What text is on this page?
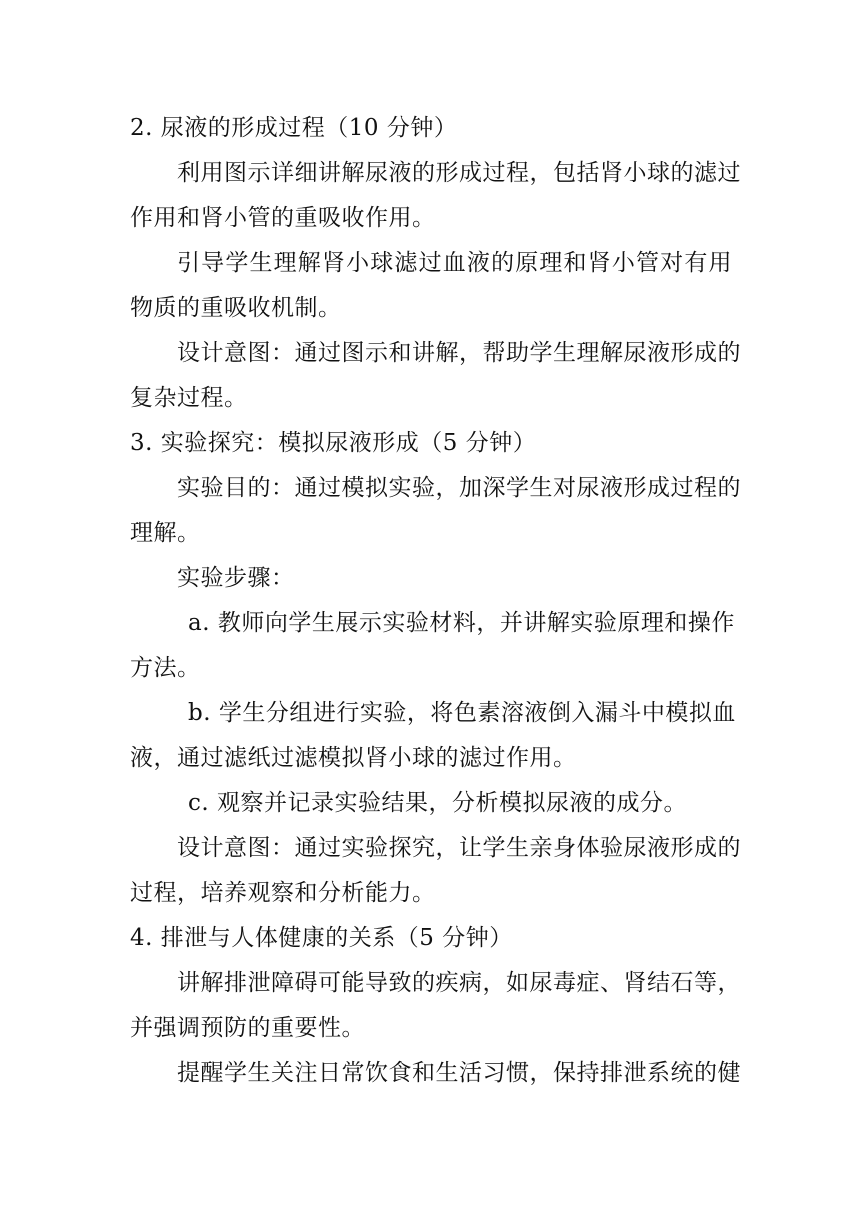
2. 尿液的形成过程（10 分钟）
利用图示详细讲解尿液的形成过程，包括肾小球的滤过
作用和肾小管的重吸收作用。
引导学生理解肾小球滤过血液的原理和肾小管对有用
物质的重吸收机制。
设计意图：通过图示和讲解，帮助学生理解尿液形成的
复杂过程。
3. 实验探究：模拟尿液形成（5 分钟）
实验目的：通过模拟实验，加深学生对尿液形成过程的
理解。
实验步骤：
a. 教师向学生展示实验材料，并讲解实验原理和操作
方法。
b. 学生分组进行实验，将色素溶液倒入漏斗中模拟血
液，通过滤纸过滤模拟肾小球的滤过作用。
c. 观察并记录实验结果，分析模拟尿液的成分。
设计意图：通过实验探究，让学生亲身体验尿液形成的
过程，培养观察和分析能力。
4. 排泄与人体健康的关系（5 分钟）
讲解排泄障碍可能导致的疾病，如尿毒症、肾结石等，
并强调预防的重要性。
提醒学生关注日常饮食和生活习惯，保持排泄系统的健
